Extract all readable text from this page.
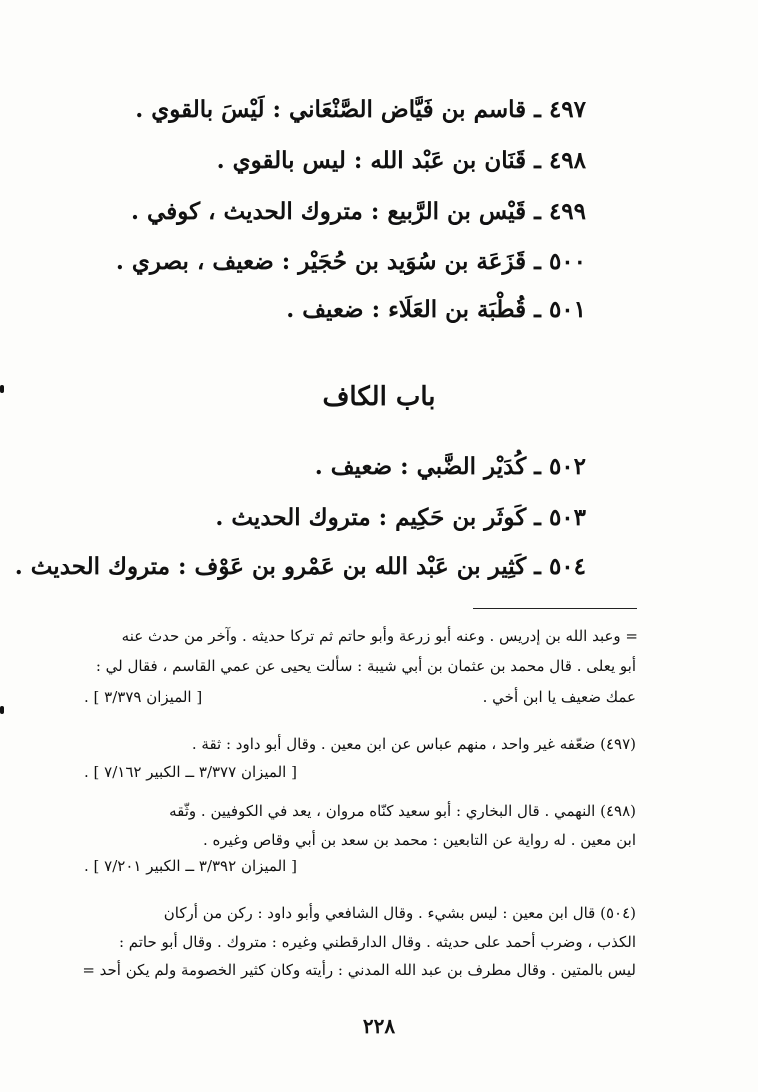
٤٩٧ ـ قاسم بن فَيَّاض الصَّنْعَاني : لَيْسَ بالقوي .
٤٩٨ ـ قَنَان بن عَبْد الله : ليس بالقوي .
٤٩٩ ـ قَيْس بن الرَّبيع : متروك الحديث ، كوفي .
٥٠٠ ـ قَزَعَة بن سُوَيد بن حُجَيْر : ضعيف ، بصري .
٥٠١ ـ قُطْبَة بن العَلَاء : ضعيف .
باب الكاف
٥٠٢ ـ كُدَيْر الضَّبي : ضعيف .
٥٠٣ ـ كَوثَر بن حَكِيم : متروك الحديث .
٥٠٤ ـ كَثِير بن عَبْد الله بن عَمْرو بن عَوْف : متروك الحديث .
= وعبد الله بن إدريس . وعنه أبو زرعة وأبو حاتم ثم تركا حديثه . وآخر من حدث عنه
أبو يعلى . قال محمد بن عثمان بن أبي شيبة : سألت يحيى عن عمي القاسم ، فقال لي :
عمك ضعيف يا ابن أخي .
[ الميزان ٣/٣٧٩ ] .
(٤٩٧) ضعّفه غير واحد ، منهم عباس عن ابن معين . وقال أبو داود : ثقة .
[ الميزان ٣/٣٧٧ ــ الكبير ٧/١٦٢ ] .
(٤٩٨) النهمي . قال البخاري : أبو سعيد كنّاه مروان ، يعد في الكوفيين . وثّقه
ابن معين . له رواية عن التابعين : محمد بن سعد بن أبي وقاص وغيره .
[ الميزان ٣/٣٩٢ ــ الكبير ٧/٢٠١ ] .
(٥٠٤) قال ابن معين : ليس بشيء . وقال الشافعي وأبو داود : ركن من أركان
الكذب ، وضرب أحمد على حديثه . وقال الدارقطني وغيره : متروك . وقال أبو حاتم :
ليس بالمتين . وقال مطرف بن عبد الله المدني : رأيته وكان كثير الخصومة ولم يكن أحد =
٢٢٨
